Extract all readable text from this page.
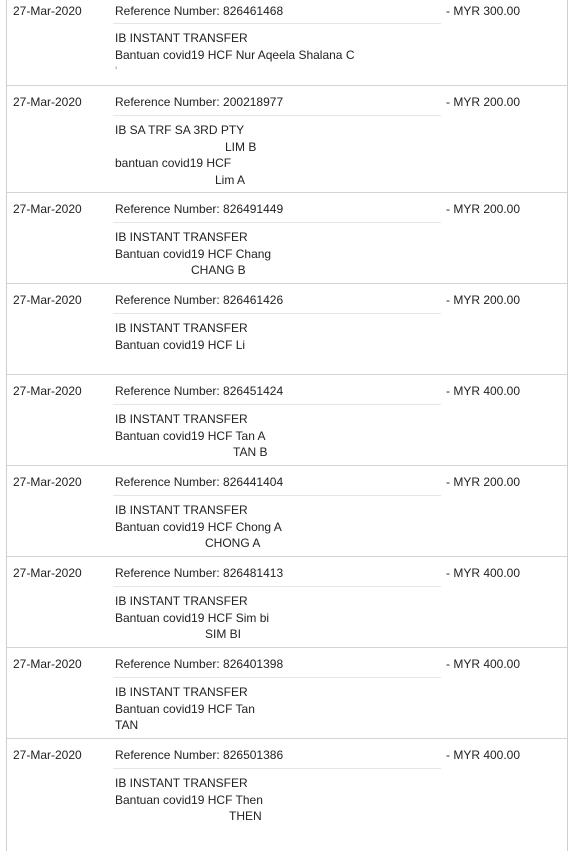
27-Mar-2020	Reference Number: 826461468	- MYR 300.00
IB INSTANT TRANSFER
Bantuan covid19 HCF Nur Aqeela Shalana C
'
27-Mar-2020	Reference Number: 200218977	- MYR 200.00
IB SA TRF SA 3RD PTY
LIM B
bantuan covid19 HCF
Lim A
27-Mar-2020	Reference Number: 826491449	- MYR 200.00
IB INSTANT TRANSFER
Bantuan covid19 HCF Chang
CHANG B
27-Mar-2020	Reference Number: 826461426	- MYR 200.00
IB INSTANT TRANSFER
Bantuan covid19 HCF Li
27-Mar-2020	Reference Number: 826451424	- MYR 400.00
IB INSTANT TRANSFER
Bantuan covid19 HCF Tan A
TAN B
27-Mar-2020	Reference Number: 826441404	- MYR 200.00
IB INSTANT TRANSFER
Bantuan covid19 HCF Chong A
CHONG A
27-Mar-2020	Reference Number: 826481413	- MYR 400.00
IB INSTANT TRANSFER
Bantuan covid19 HCF Sim bi
SIM BI
27-Mar-2020	Reference Number: 826401398	- MYR 400.00
IB INSTANT TRANSFER
Bantuan covid19 HCF Tan
TAN
27-Mar-2020	Reference Number: 826501386	- MYR 400.00
IB INSTANT TRANSFER
Bantuan covid19 HCF Then
THEN
